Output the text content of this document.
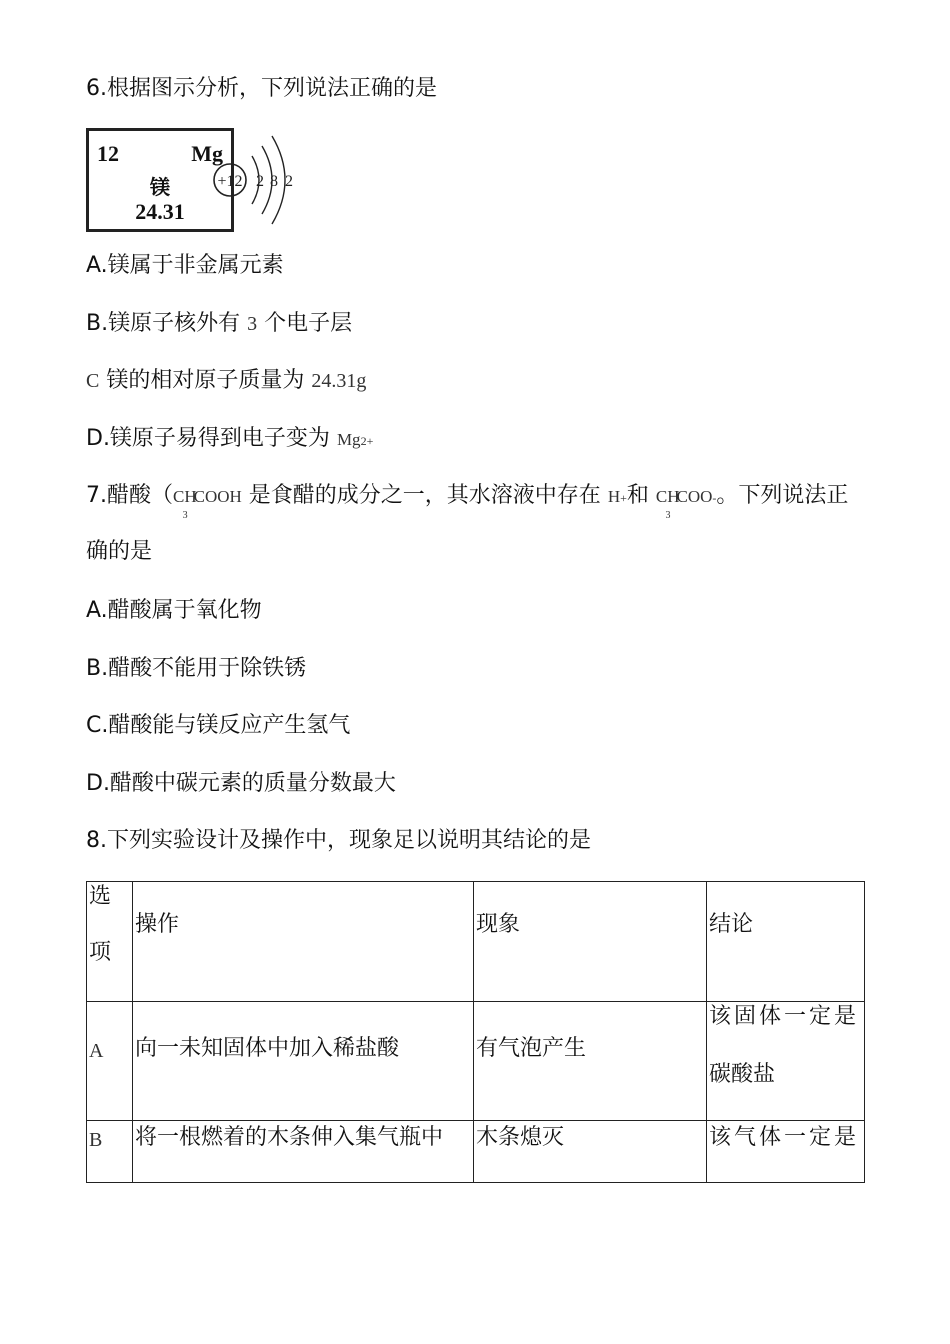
6.根据图示分析，下列说法正确的是
12	Mg
镁
24.31
+12 2 8 2
A.镁属于非金属元素
B.镁原子核外有 3 个电子层
C 镁的相对原子质量为 24.31g
D.镁原子易得到电子变为 Mg2+
7.醋酸（$CH_3COOH$ 是食醋的成分之一，其水溶液中存在 H+和 $CH_3COO-$。下列说法正
确的是
A.醋酸属于氧化物
B.醋酸不能用于除铁锈
C.醋酸能与镁反应产生氢气
D.醋酸中碳元素的质量分数最大
8.下列实验设计及操作中，现象足以说明其结论的是
选
项	操作	现象	结论
A	向一未知固体中加入稀盐酸	有气泡产生	该固体一定是
碳酸盐

B	将一根燃着的木条伸入集气瓶中	木条熄灭	该气体一定是
